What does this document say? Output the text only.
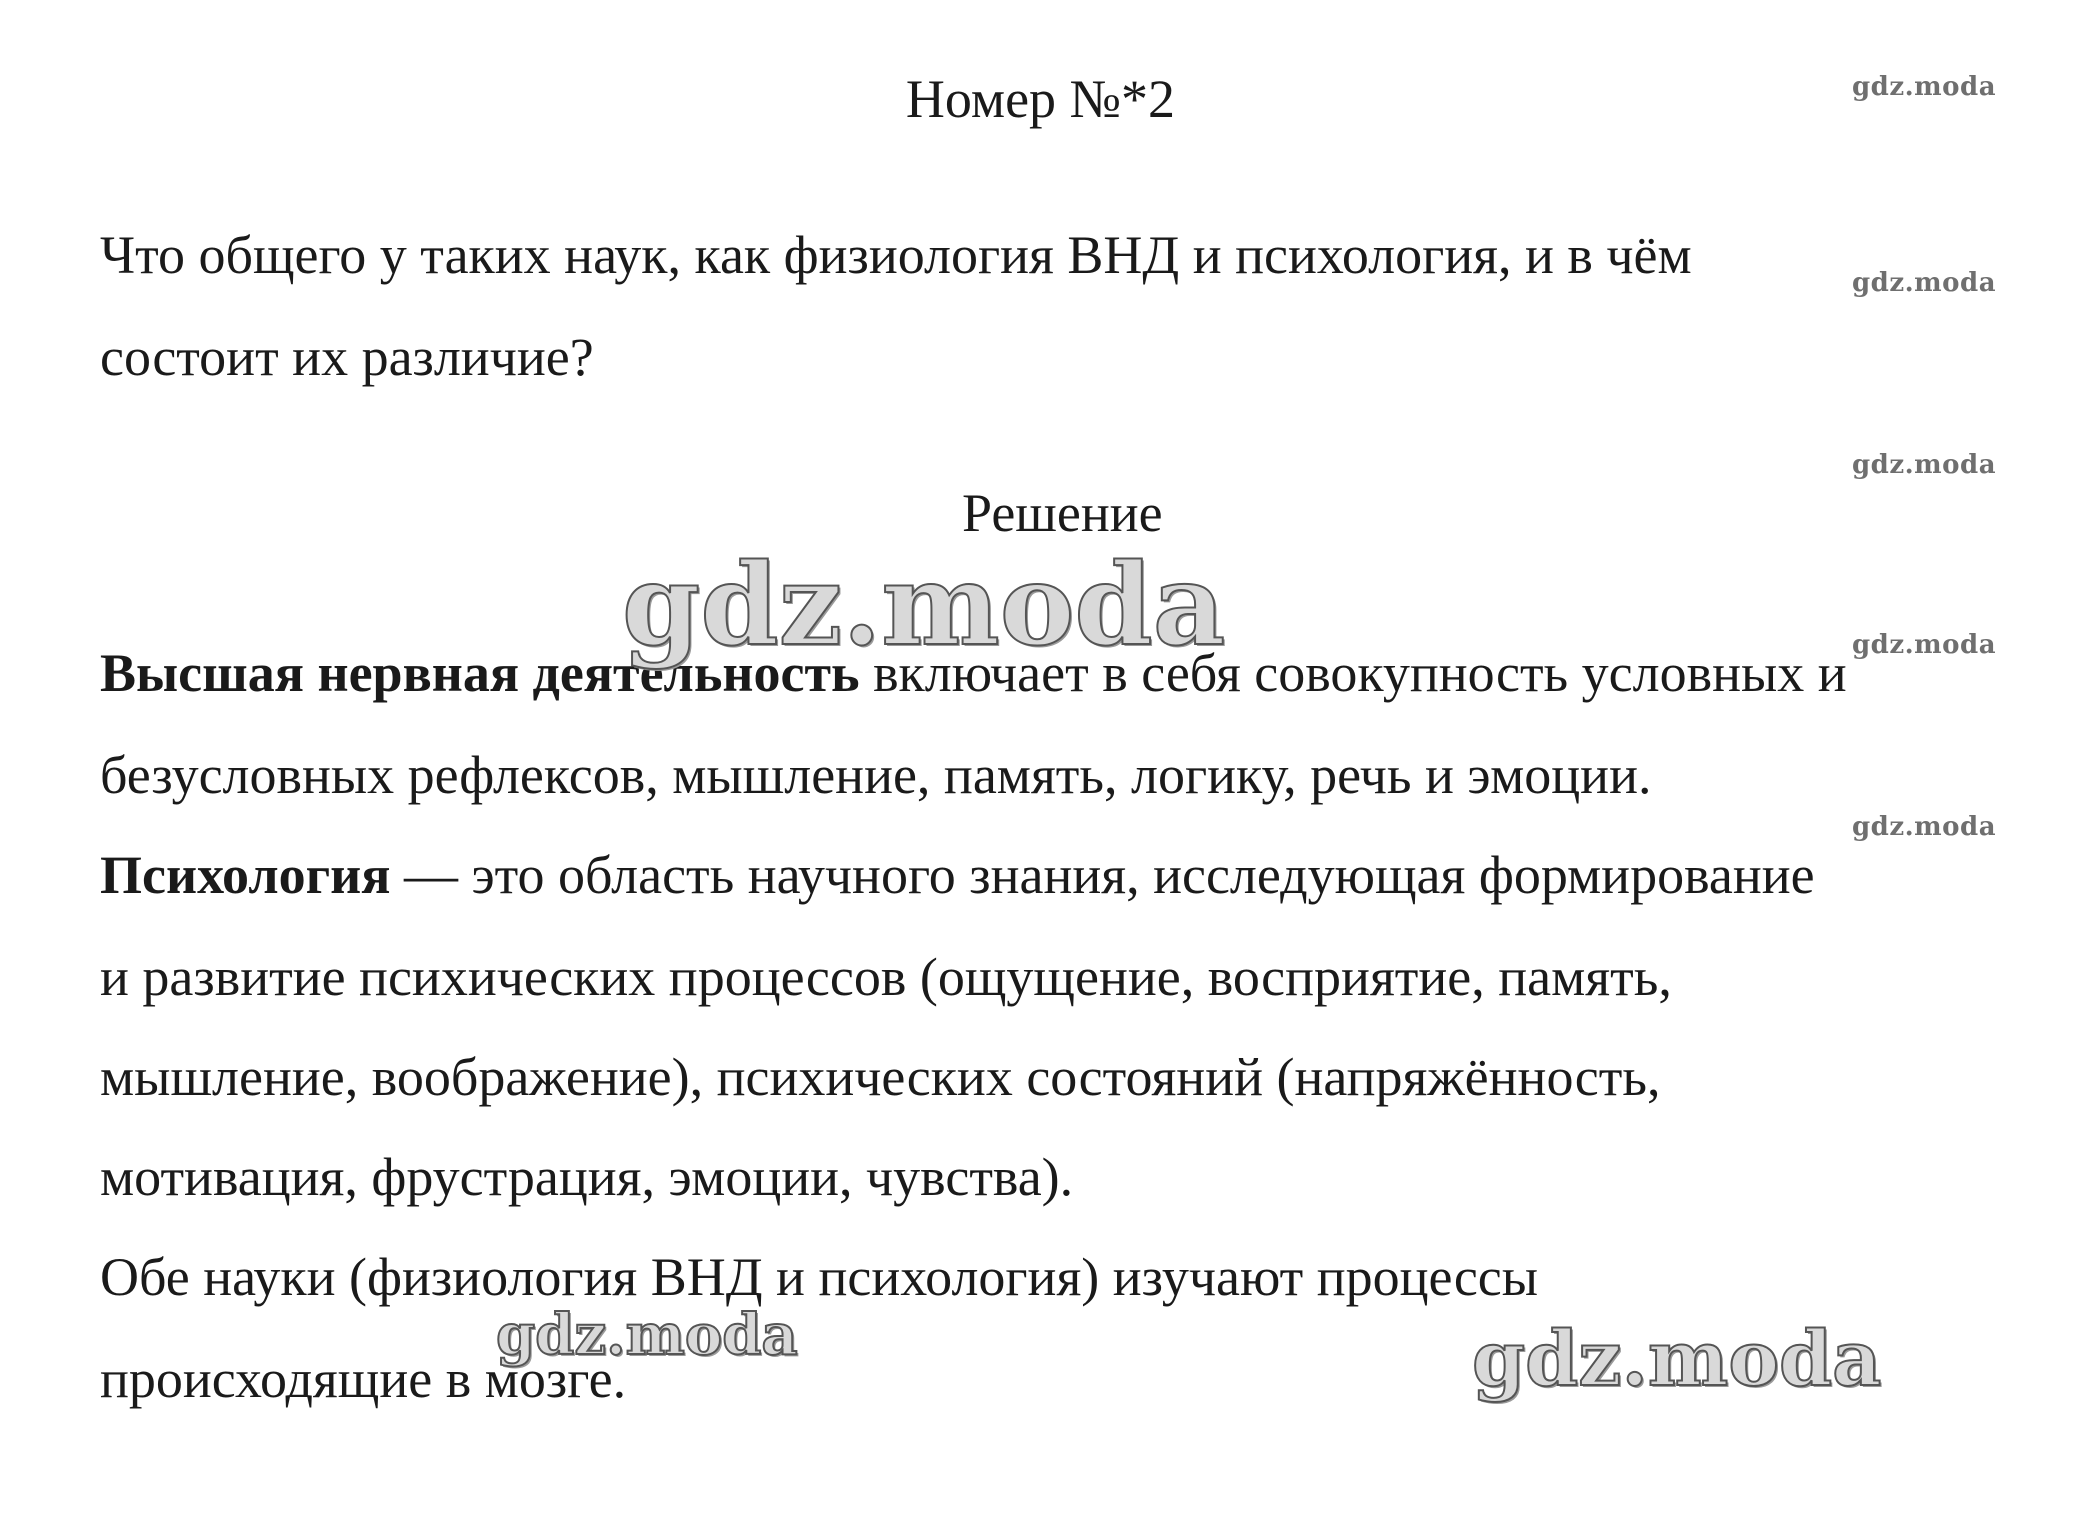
Номер №*2
Что общего у таких наук, как физиология ВНД и психология, и в чём
состоит их различие?
Решение
Высшая нервная деятельность включает в себя совокупность условных и
безусловных рефлексов, мышление, память, логику, речь и эмоции.
Психология — это область научного знания, исследующая формирование
и развитие психических процессов (ощущение, восприятие, память,
мышление, воображение), психических состояний (напряжённость,
мотивация, фрустрация, эмоции, чувства).
Обе науки (физиология ВНД и психология) изучают процессы
происходящие в мозге.
gdz.moda
gdz.moda
gdz.moda
gdz.moda
gdz.moda
gdz.moda
gdz.moda	gdz.moda
